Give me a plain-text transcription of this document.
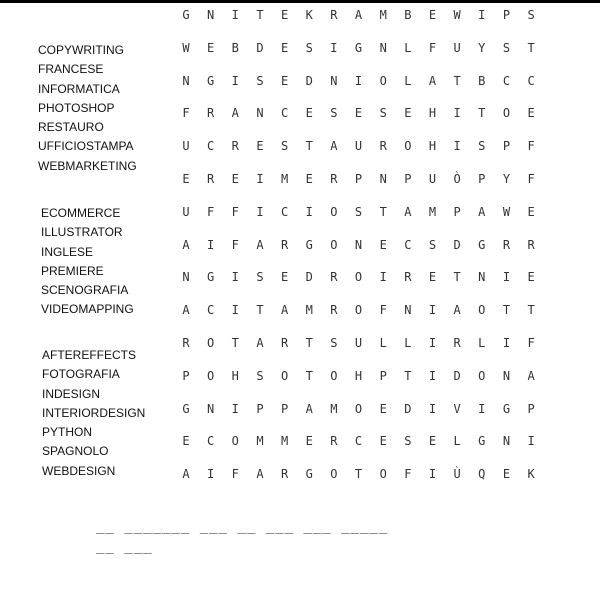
COPYWRITING
FRANCESE
INFORMATICA
PHOTOSHOP
RESTAURO
UFFICIOSTAMPA
WEBMARKETING
ECOMMERCE
ILLUSTRATOR
INGLESE
PREMIERE
SCENOGRAFIA
VIDEOMAPPING
AFTEREFFECTS
FOTOGRAFIA
INDESIGN
INTERIORDESIGN
PYTHON
SPAGNOLO
WEBDESIGN
G	N	I	T	E	K	R	A	M	B	E	W	I	P	S
W	E	B	D	E	S	I	G	N	L	F	U	Y	S	T
N	G	I	S	E	D	N	I	O	L	A	T	B	C	C
F	R	A	N	C	E	S	E	S	E	H	I	T	O	E
U	C	R	E	S	T	A	U	R	O	H	I	S	P	F
E	R	E	I	M	E	R	P	N	P	U	Ò	P	Y	F
U	F	F	I	C	I	O	S	T	A	M	P	A	W	E
A	I	F	A	R	G	O	N	E	C	S	D	G	R	R
N	G	I	S	E	D	R	O	I	R	E	T	N	I	E
A	C	I	T	A	M	R	O	F	N	I	A	O	T	T
R	O	T	A	R	T	S	U	L	L	I	R	L	I	F
P	O	H	S	O	T	O	H	P	T	I	D	O	N	A
G	N	I	P	P	A	M	O	E	D	I	V	I	G	P
E	C	O	M	M	E	R	C	E	S	E	L	G	N	I
A	I	F	A	R	G	O	T	O	F	I	Ù	Q	E	K
__ _______ ___ __ ___ ___ _____
__ ___
